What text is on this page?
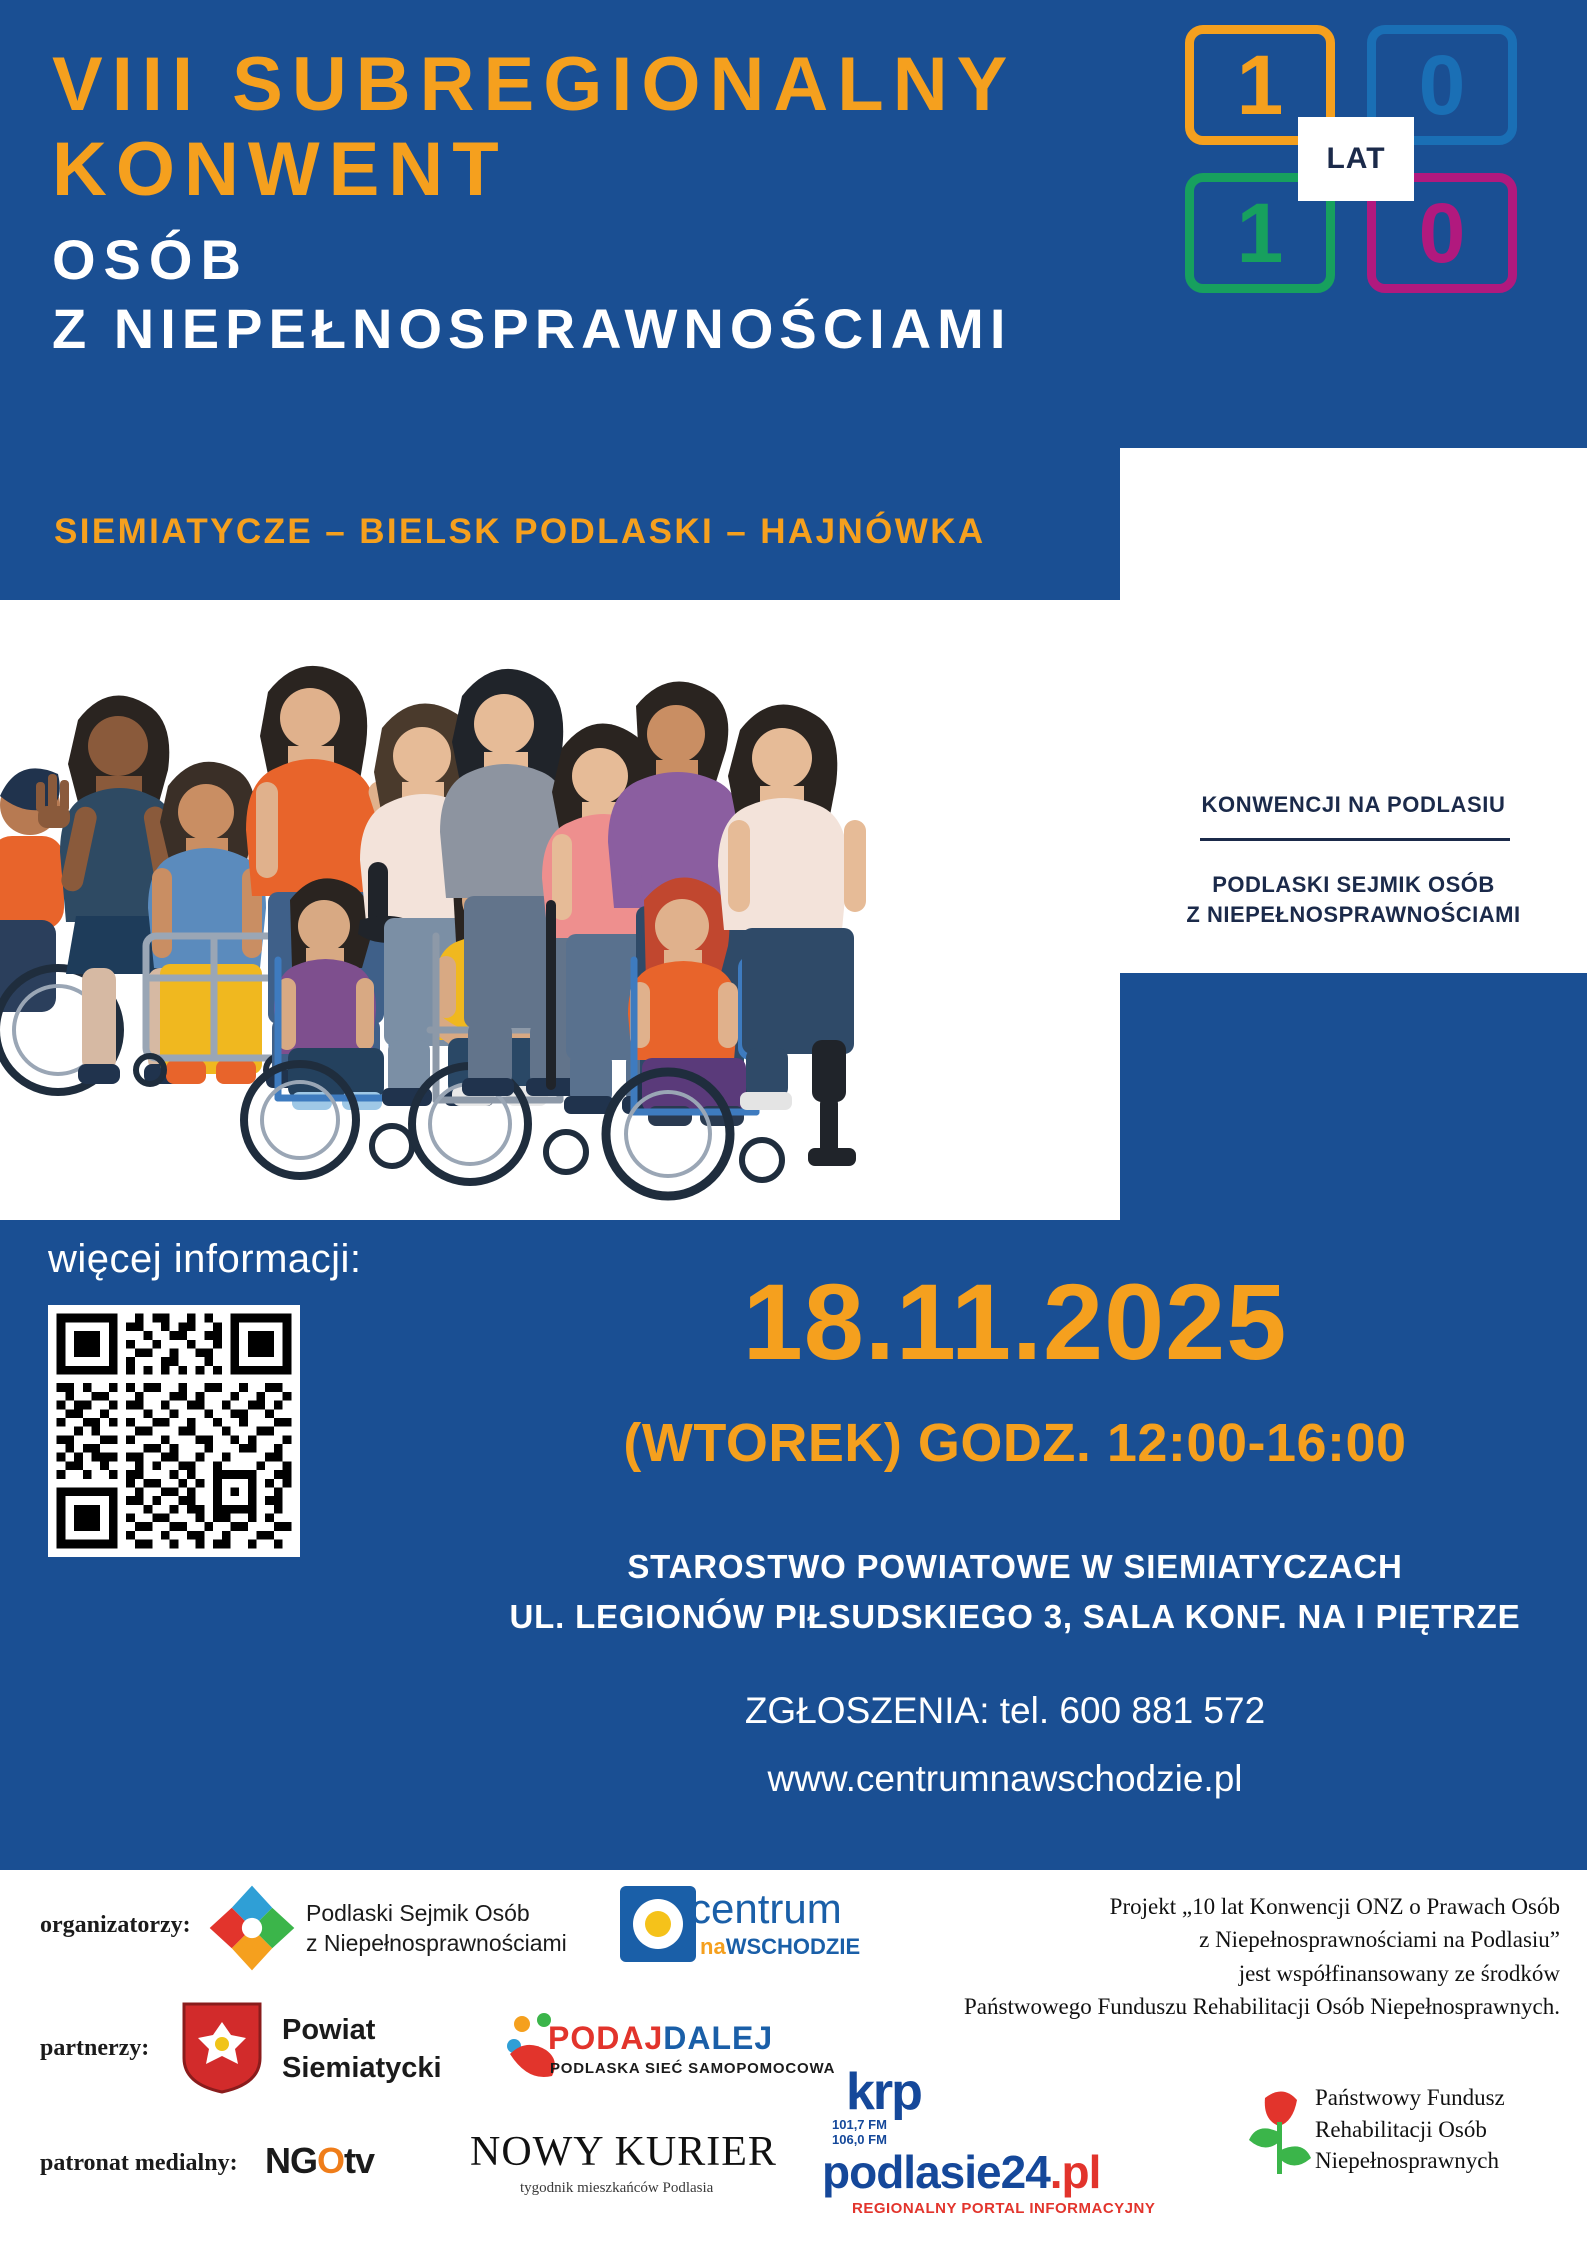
VIII SUBREGIONALNY
KONWENT
OSÓB
Z NIEPEŁNOSPRAWNOŚCIAMI
SIEMIATYCZE – BIELSK PODLASKI – HAJNÓWKA
1	0
1	0
LAT
KONWENCJI NA PODLASIU
PODLASKI SEJMIK OSÓB
Z NIEPEŁNOSPRAWNOŚCIAMI
więcej informacji:
18.11.2025
(WTOREK) GODZ. 12:00-16:00
STAROSTWO POWIATOWE W SIEMIATYCZACH
UL. LEGIONÓW PIŁSUDSKIEGO 3, SALA KONF. NA I PIĘTRZE
ZGŁOSZENIA: tel. 600 881 572
www.centrumnawschodzie.pl
organizatorzy:
partnerzy:
patronat medialny:
Podlaski Sejmik Osób
z Niepełnosprawnościami
centrum
naWSCHODZIE
Powiat
Siemiatycki
PODAJDALEJ
PODLASKA SIEĆ SAMOPOMOCOWA
NGOtv NOWY KURIER
tygodnik mieszkańców Podlasia
krp
101,7 FM
106,0 FM
podlasie24.pl
REGIONALNY PORTAL INFORMACYJNY
Projekt „10 lat Konwencji ONZ o Prawach Osób
z Niepełnosprawnościami na Podlasiu”
jest współfinansowany ze środków
Państwowego Funduszu Rehabilitacji Osób Niepełnosprawnych.
Państwowy Fundusz
Rehabilitacji Osób
Niepełnosprawnych
